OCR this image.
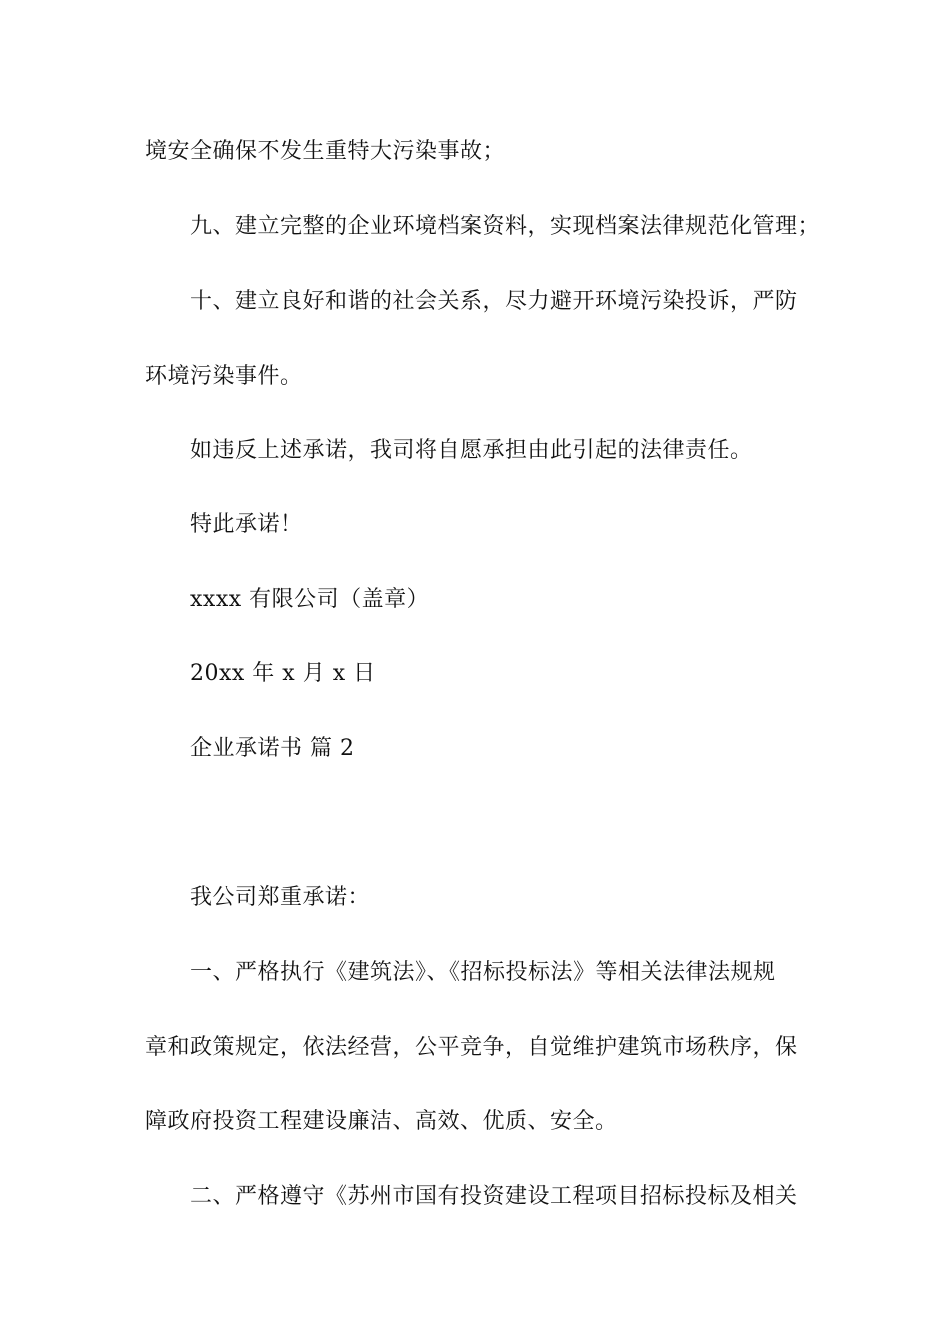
境安全确保不发生重特大污染事故；
九、建立完整的企业环境档案资料，实现档案法律规范化管理；
十、建立良好和谐的社会关系，尽力避开环境污染投诉，严防
环境污染事件。
如违反上述承诺，我司将自愿承担由此引起的法律责任。
特此承诺！
xxxx 有限公司（盖章）
20xx 年 x 月 x 日
企业承诺书 篇 2
我公司郑重承诺：
一、严格执行《建筑法》、《招标投标法》等相关法律法规规
章和政策规定，依法经营，公平竞争，自觉维护建筑市场秩序，保
障政府投资工程建设廉洁、高效、优质、安全。
二、严格遵守《苏州市国有投资建设工程项目招标投标及相关
